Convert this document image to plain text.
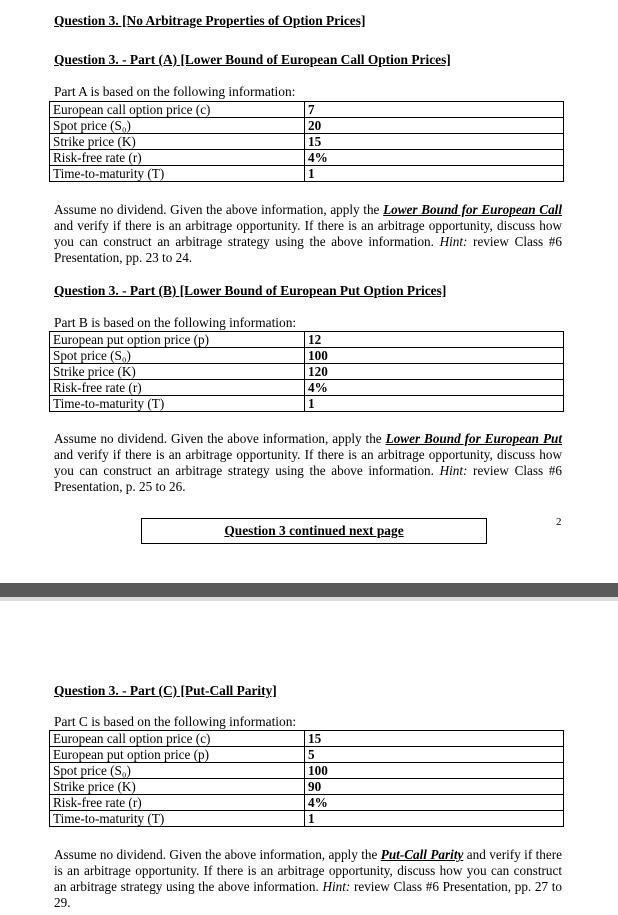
Question 3. [No Arbitrage Properties of Option Prices]
Question 3. - Part (A) [Lower Bound of European Call Option Prices]
Part A is based on the following information:
European call option price (c)	7
Spot price (S₀)	20
Strike price (K)	15
Risk-free rate (r)	4%
Time-to-maturity (T)	1
Assume no dividend. Given the above information, apply the Lower Bound for European Call and verify if there is an arbitrage opportunity. If there is an arbitrage opportunity, discuss how you can construct an arbitrage strategy using the above information. Hint: review Class #6 Presentation, pp. 23 to 24.
Question 3. - Part (B) [Lower Bound of European Put Option Prices]
Part B is based on the following information:
European put option price (p)	12
Spot price (S₀)	100
Strike price (K)	120
Risk-free rate (r)	4%
Time-to-maturity (T)	1
Assume no dividend. Given the above information, apply the Lower Bound for European Put and verify if there is an arbitrage opportunity. If there is an arbitrage opportunity, discuss how you can construct an arbitrage strategy using the above information. Hint: review Class #6 Presentation, p. 25 to 26.
Question 3 continued next page
2
Question 3. - Part (C) [Put-Call Parity]
Part C is based on the following information:
European call option price (c)	15
European put option price (p)	5
Spot price (S₀)	100
Strike price (K)	90
Risk-free rate (r)	4%
Time-to-maturity (T)	1
Assume no dividend. Given the above information, apply the Put-Call Parity and verify if there is an arbitrage opportunity. If there is an arbitrage opportunity, discuss how you can construct an arbitrage strategy using the above information. Hint: review Class #6 Presentation, pp. 27 to 29.
